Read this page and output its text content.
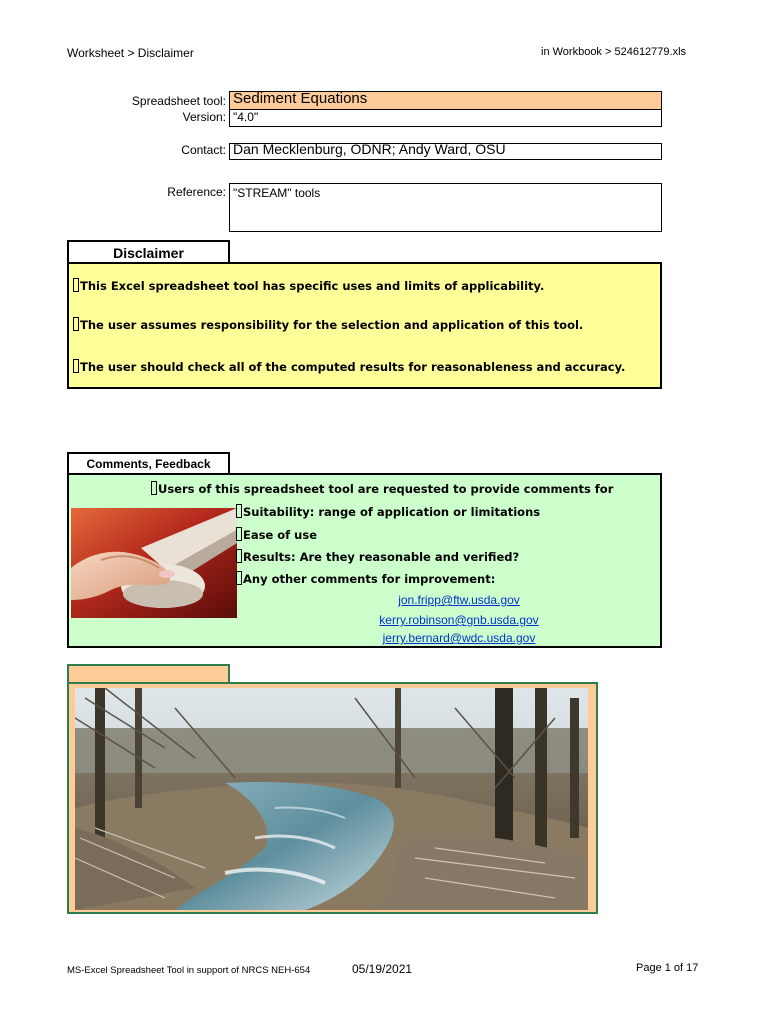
Worksheet > Disclaimer	in Workbook > 524612779.xls
Spreadsheet tool: Sediment Equations
Version: "4.0"
Contact: Dan Mecklenburg, ODNR; Andy Ward, OSU
Reference: "STREAM" tools
Disclaimer
This Excel spreadsheet tool has specific uses and limits of applicability.
The user assumes responsibility for the selection and application of this tool.
The user should check all of the computed results for reasonableness and accuracy.
Comments, Feedback
Users of this spreadsheet tool are requested to provide comments for
Suitability: range of application or limitations
Ease of use
Results: Are they reasonable and verified?
Any other comments for improvement:
jon.fripp@ftw.usda.gov
kerry.robinson@gnb.usda.gov
jerry.bernard@wdc.usda.gov
MS-Excel Spreadsheet Tool in support of NRCS NEH-654	05/19/2021	Page 1 of 17
